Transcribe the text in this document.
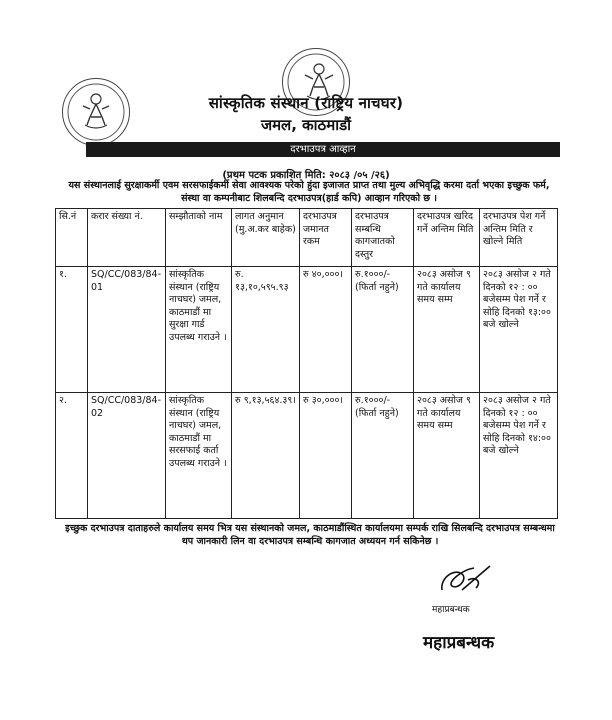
सांस्कृतिक संस्थान (राष्ट्रिय नाचघर)
जमल, काठमाडौं
दरभाउपत्र आव्हान
(प्रथम पटक प्रकाशित मिति: २०८३ /०५ /२६)
यस संस्थानलाई सुरक्षाकर्मी एवम सरसफाईकर्मी सेवा आवश्यक परेको हुंदा इजाजत प्राप्त तथा मुल्य अभिवृद्धि करमा दर्ता भएका इच्छुक फर्म, संस्था वा कम्पनीबाट शिलबन्दि दरभाउपत्र(हार्ड कपि) आव्हान गरिएको छ ।
सि.नं	करार संख्या नं.	सम्झौताको नाम	लागत अनुमान (मु.अ.कर बाहेक)	दरभाउपत्र जमानत रकम	दरभाउपत्र सम्बन्धि कागजातको दस्तुर	दरभाउपत्र खरिद गर्ने अन्तिम मिति	दरभाउपत्र पेश गर्ने अन्तिम मिति र खोल्ने मिति
१.	SQ/CC/083/84-01	सांस्कृतिक संस्थान (राष्ट्रिय नाचघर) जमल, काठमाडौं मा सुरक्षा गार्ड उपलब्ध गराउने ।	रु. १३,१०,५९५.९३	रु ४०,०००।	रु.१०००/- (फिर्ता नहुने)	२०८३ असोज ९ गते कार्यालय समय सम्म	२०८३ असोज २ गते दिनको १२ : ०० बजेसम्म पेश गर्ने र सोहि दिनको १३:०० बजे खोल्ने
२.	SQ/CC/083/84-02	सांस्कृतिक संस्थान (राष्ट्रिय नाचघर) जमल, काठमाडौं मा सरसफाई कर्ता उपलब्ध गराउने ।	रु ९,१३,५६४.३९।	रु ३०,०००।	रु.१०००/- (फिर्ता नहुने)	२०८३ असोज ९ गते कार्यालय समय सम्म	२०८३ असोज २ गते दिनको १२ : ०० बजेसम्म पेश गर्ने र सोहि दिनको १४:०० बजे खोल्ने
इच्छुक दरभाउपत्र दाताहरुले कार्यालय समय भित्र यस संस्थानको जमल, काठमाडौंस्थित कार्यालयमा सम्पर्क राखि सिलबन्दि दरभाउपत्र सम्बन्धमा थप जानकारी लिन वा दरभाउपत्र सम्बन्धि कागजात अध्ययन गर्न सकिनेछ ।
महाप्रबन्धक
महाप्रबन्धक
